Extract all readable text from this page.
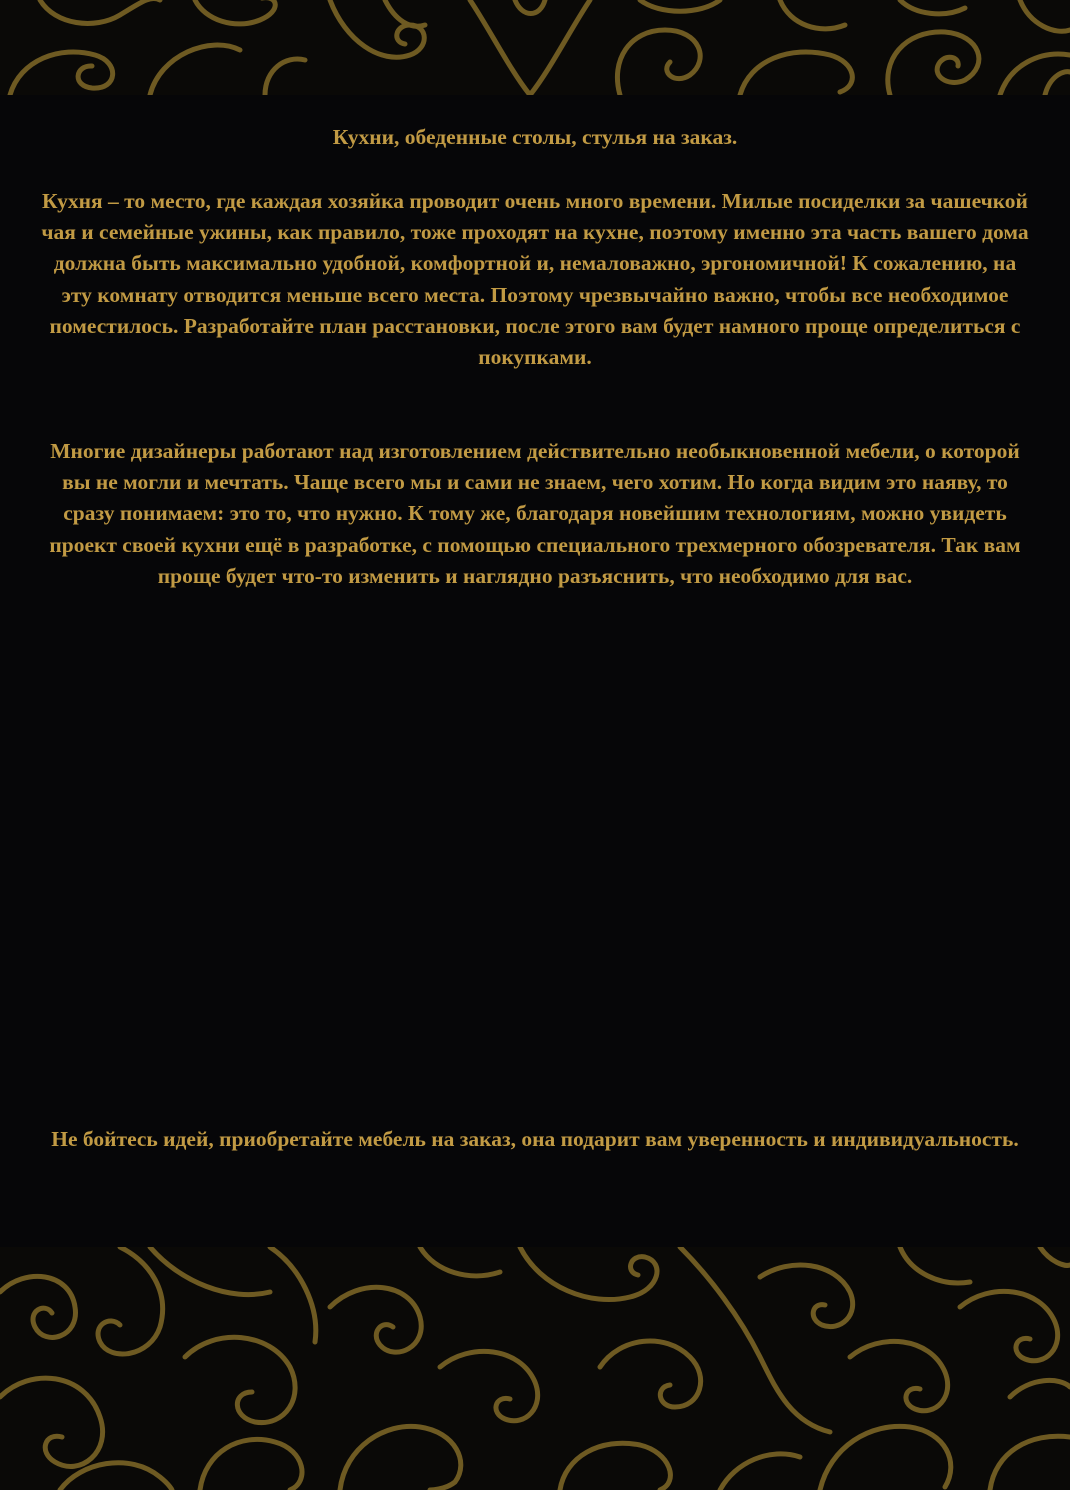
Кухни, обеденные столы, стулья на заказ.

Кухня – то место, где каждая хозяйка проводит очень много времени. Милые посиделки за чашечкой чая и семейные ужины, как правило, тоже проходят на кухне, поэтому именно эта часть вашего дома должна быть максимально удобной, комфортной и, немаловажно, эргономичной! К сожалению, на эту комнату отводится меньше всего места. Поэтому чрезвычайно важно, чтобы все необходимое поместилось. Разработайте план расстановки, после этого вам будет намного проще определиться с покупками.

Многие дизайнеры работают над изготовлением действительно необыкновенной мебели, о которой вы не могли и мечтать. Чаще всего мы и сами не знаем, чего хотим. Но когда видим это наяву, то сразу понимаем: это то, что нужно. К тому же, благодаря новейшим технологиям, можно увидеть проект своей кухни ещё в разработке, с помощью специального трехмерного обозревателя. Так вам проще будет что-то изменить и наглядно разъяснить, что необходимо для вас.

Не бойтесь идей, приобретайте мебель на заказ, она подарит вам уверенность и индивидуальность.
